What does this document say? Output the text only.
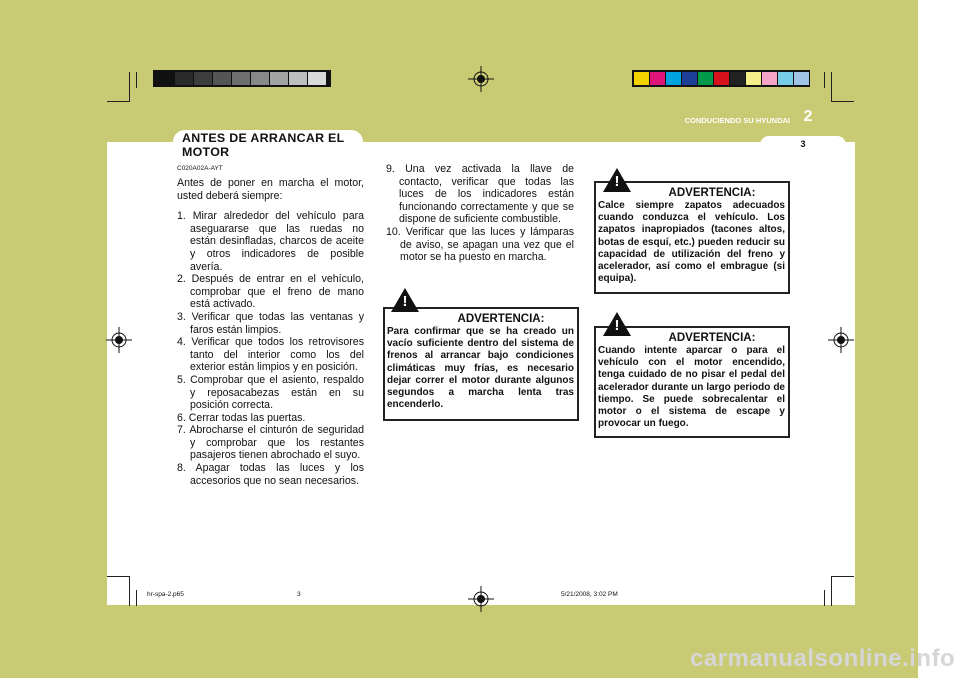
CONDUCIENDO SU HYUNDAI 2
3
ANTES DE ARRANCAR EL MOTOR
C020A02A-AYT

Antes de poner en marcha el motor, usted deberá siempre:

1. Mirar alrededor del vehículo para aseguararse que las ruedas no están desinfladas, charcos de aceite y otros indicadores de posible avería.

2. Después de entrar en el vehículo, comprobar que el freno de mano está activado.

3. Verificar que todas las ventanas y faros están limpios.

4. Verificar que todos los retrovisores tanto del interior como los del exterior están limpios y en posición.

5. Comprobar que el asiento, respaldo y reposacabezas están en su posición correcta.

6. Cerrar todas las puertas.

7. Abrocharse el cinturón de seguridad y comprobar que los restantes pasajeros tienen abrochado el suyo.

8. Apagar todas las luces y los accesorios que no sean necesarios.

9. Una vez activada la llave de contacto, verificar que todas las luces de los indicadores están funcionando correctamente y que se dispone de suficiente combustible.

10. Verificar que las luces y lámparas de aviso, se apagan una vez que el motor se ha puesto en marcha.

ADVERTENCIA:
Para confirmar que se ha creado un vacío suficiente dentro del sistema de frenos al arrancar bajo condiciones climáticas muy frías, es necesario dejar correr el motor durante algunos segundos a marcha lenta tras encenderlo.
!
ADVERTENCIA:
Calce siempre zapatos adecuados cuando conduzca el vehículo. Los zapatos inapropiados (tacones altos, botas de esquí, etc.) pueden reducir su capacidad de utilización del freno y acelerador, así como el embrague (si equipa).
!
ADVERTENCIA:
Cuando intente aparcar o para el vehículo con el motor encendido, tenga cuidado de no pisar el pedal del acelerador durante un largo periodo de tiempo. Se puede sobrecalentar el motor o el sistema de escape y provocar un fuego.
!
hr-spa-2.p65	3	5/21/2008, 3:02 PM
carmanualsonline.info
